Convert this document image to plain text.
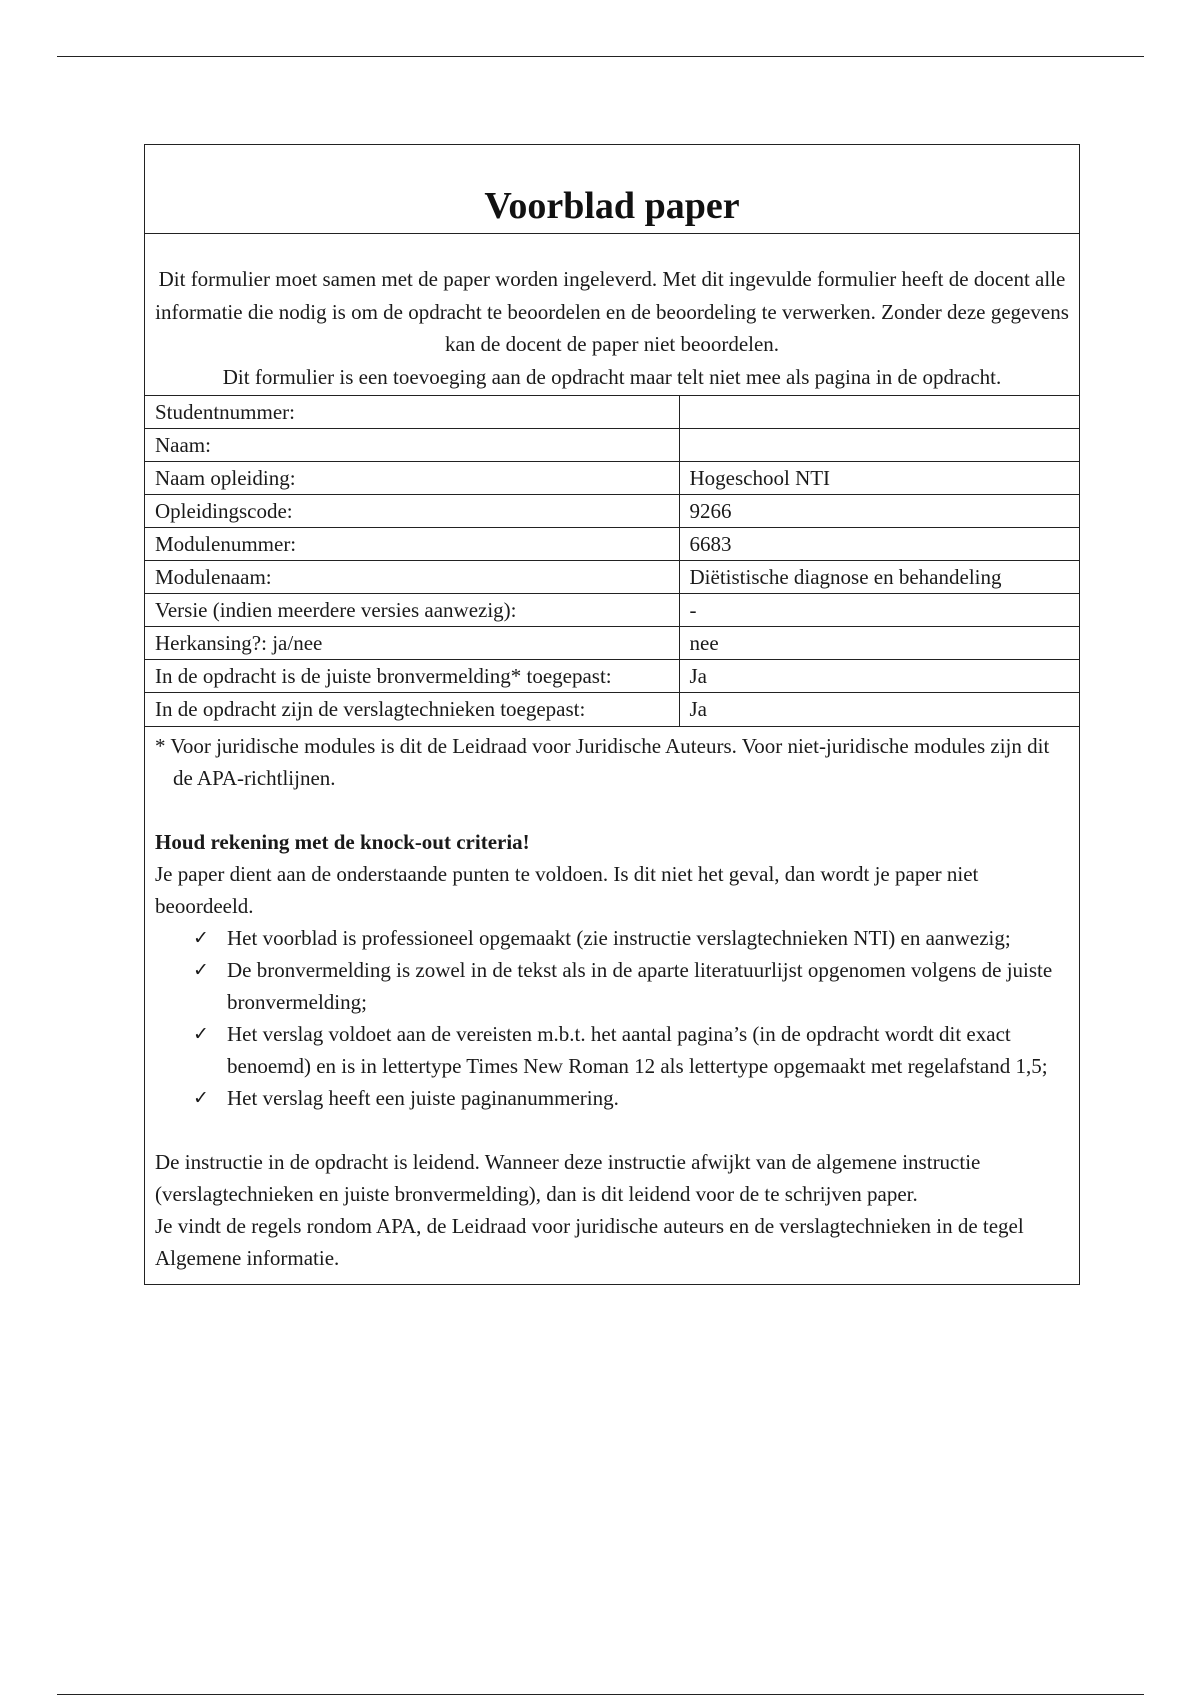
Voorblad paper

Dit formulier moet samen met de paper worden ingeleverd. Met dit ingevulde formulier heeft de docent alle informatie die nodig is om de opdracht te beoordelen en de beoordeling te verwerken. Zonder deze gegevens kan de docent de paper niet beoordelen.

Dit formulier is een toevoeging aan de opdracht maar telt niet mee als pagina in de opdracht.

Studentnummer:	
Naam:	
Naam opleiding:	Hogeschool NTI
Opleidingscode:	9266
Modulenummer:	6683
Modulenaam:	Diëtistische diagnose en behandeling
Versie (indien meerdere versies aanwezig):	-
Herkansing?: ja/nee	nee
In de opdracht is de juiste bronvermelding* toegepast:	Ja
In de opdracht zijn de verslagtechnieken toegepast:	Ja

* Voor juridische modules is dit de Leidraad voor Juridische Auteurs. Voor niet-juridische modules zijn dit de APA-richtlijnen.

Houd rekening met de knock-out criteria!

Je paper dient aan de onderstaande punten te voldoen. Is dit niet het geval, dan wordt je paper niet beoordeeld.

✓ Het voorblad is professioneel opgemaakt (zie instructie verslagtechnieken NTI) en aanwezig;
✓ De bronvermelding is zowel in de tekst als in de aparte literatuurlijst opgenomen volgens de juiste bronvermelding;
✓ Het verslag voldoet aan de vereisten m.b.t. het aantal pagina’s (in de opdracht wordt dit exact benoemd) en is in lettertype Times New Roman 12 als lettertype opgemaakt met regelafstand 1,5;
✓ Het verslag heeft een juiste paginanummering.

De instructie in de opdracht is leidend. Wanneer deze instructie afwijkt van de algemene instructie (verslagtechnieken en juiste bronvermelding), dan is dit leidend voor de te schrijven paper.

Je vindt de regels rondom APA, de Leidraad voor juridische auteurs en de verslagtechnieken in de tegel Algemene informatie.
